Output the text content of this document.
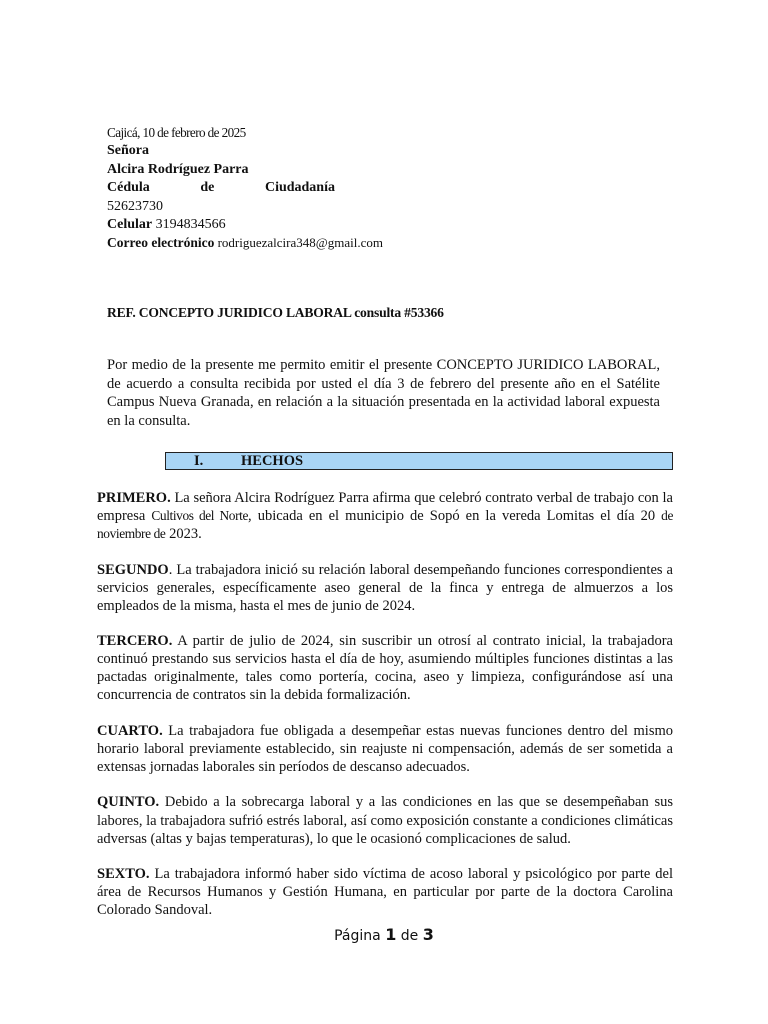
Cajicá, 10 de febrero de 2025
Señora
Alcira Rodríguez Parra
Cédula	de	Ciudadanía
52623730
Celular 3194834566
Correo electrónico rodriguezalcira348@gmail.com
REF. CONCEPTO JURIDICO LABORAL consulta #53366
Por medio de la presente me permito emitir el presente CONCEPTO JURIDICO LABORAL, de acuerdo a consulta recibida por usted el día 3 de febrero del presente año en el Satélite Campus Nueva Granada, en relación a la situación presentada en la actividad laboral expuesta en la consulta.
I.	HECHOS

PRIMERO. La señora Alcira Rodríguez Parra afirma que celebró contrato verbal de trabajo con la empresa Cultivos del Norte, ubicada en el municipio de Sopó en la vereda Lomitas el día 20 de noviembre de 2023.

SEGUNDO. La trabajadora inició su relación laboral desempeñando funciones correspondientes a servicios generales, específicamente aseo general de la finca y entrega de almuerzos a los empleados de la misma, hasta el mes de junio de 2024.

TERCERO. A partir de julio de 2024, sin suscribir un otrosí al contrato inicial, la trabajadora continuó prestando sus servicios hasta el día de hoy, asumiendo múltiples funciones distintas a las pactadas originalmente, tales como portería, cocina, aseo y limpieza, configurándose así una concurrencia de contratos sin la debida formalización.

CUARTO. La trabajadora fue obligada a desempeñar estas nuevas funciones dentro del mismo horario laboral previamente establecido, sin reajuste ni compensación, además de ser sometida a extensas jornadas laborales sin períodos de descanso adecuados.

QUINTO. Debido a la sobrecarga laboral y a las condiciones en las que se desempeñaban sus labores, la trabajadora sufrió estrés laboral, así como exposición constante a condiciones climáticas adversas (altas y bajas temperaturas), lo que le ocasionó complicaciones de salud.

SEXTO. La trabajadora informó haber sido víctima de acoso laboral y psicológico por parte del área de Recursos Humanos y Gestión Humana, en particular por parte de la doctora Carolina Colorado Sandoval.

Página 1 de 3
